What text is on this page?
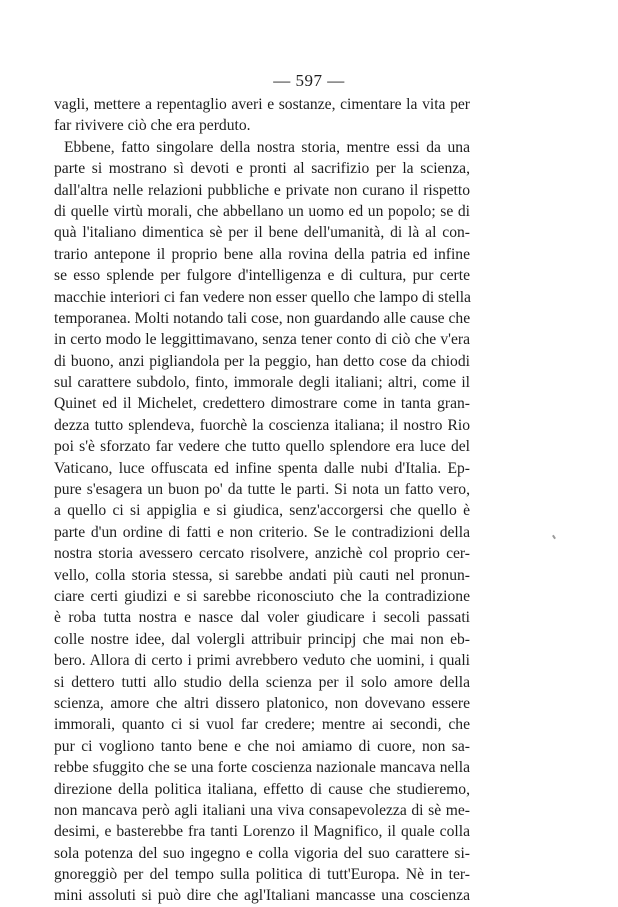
— 597 —
vagli, mettere a repentaglio averi e sostanze, cimentare la vita per
far rivivere ciò che era perduto.
Ebbene, fatto singolare della nostra storia, mentre essi da una
parte si mostrano sì devoti e pronti al sacrifizio per la scienza,
dall'altra nelle relazioni pubbliche e private non curano il rispetto
di quelle virtù morali, che abbellano un uomo ed un popolo; se di
quà l'italiano dimentica sè per il bene dell'umanità, di là al con-
trario antepone il proprio bene alla rovina della patria ed infine
se esso splende per fulgore d'intelligenza e di cultura, pur certe
macchie interiori ci fan vedere non esser quello che lampo di stella
temporanea. Molti notando tali cose, non guardando alle cause che
in certo modo le leggittimavano, senza tener conto di ciò che v'era
di buono, anzi pigliandola per la peggio, han detto cose da chiodi
sul carattere subdolo, finto, immorale degli italiani; altri, come il
Quinet ed il Michelet, credettero dimostrare come in tanta gran-
dezza tutto splendeva, fuorchè la coscienza italiana; il nostro Rio
poi s'è sforzato far vedere che tutto quello splendore era luce del
Vaticano, luce offuscata ed infine spenta dalle nubi d'Italia. Ep-
pure s'esagera un buon po' da tutte le parti. Si nota un fatto vero,
a quello ci si appiglia e si giudica, senz'accorgersi che quello è
parte d'un ordine di fatti e non criterio. Se le contradizioni della
nostra storia avessero cercato risolvere, anzichè col proprio cer-
vello, colla storia stessa, si sarebbe andati più cauti nel pronun-
ciare certi giudizi e si sarebbe riconosciuto che la contradizione
è roba tutta nostra e nasce dal voler giudicare i secoli passati
colle nostre idee, dal volergli attribuir principj che mai non eb-
bero. Allora di certo i primi avrebbero veduto che uomini, i quali
si dettero tutti allo studio della scienza per il solo amore della
scienza, amore che altri dissero platonico, non dovevano essere
immorali, quanto ci si vuol far credere; mentre ai secondi, che
pur ci vogliono tanto bene e che noi amiamo di cuore, non sa-
rebbe sfuggito che se una forte coscienza nazionale mancava nella
direzione della politica italiana, effetto di cause che studieremo,
non mancava però agli italiani una viva consapevolezza di sè me-
desimi, e basterebbe fra tanti Lorenzo il Magnifico, il quale colla
sola potenza del suo ingegno e colla vigoria del suo carattere si-
gnoreggiò per del tempo sulla politica di tutt'Europa. Nè in ter-
mini assoluti si può dire che agl'Italiani mancasse una coscienza
